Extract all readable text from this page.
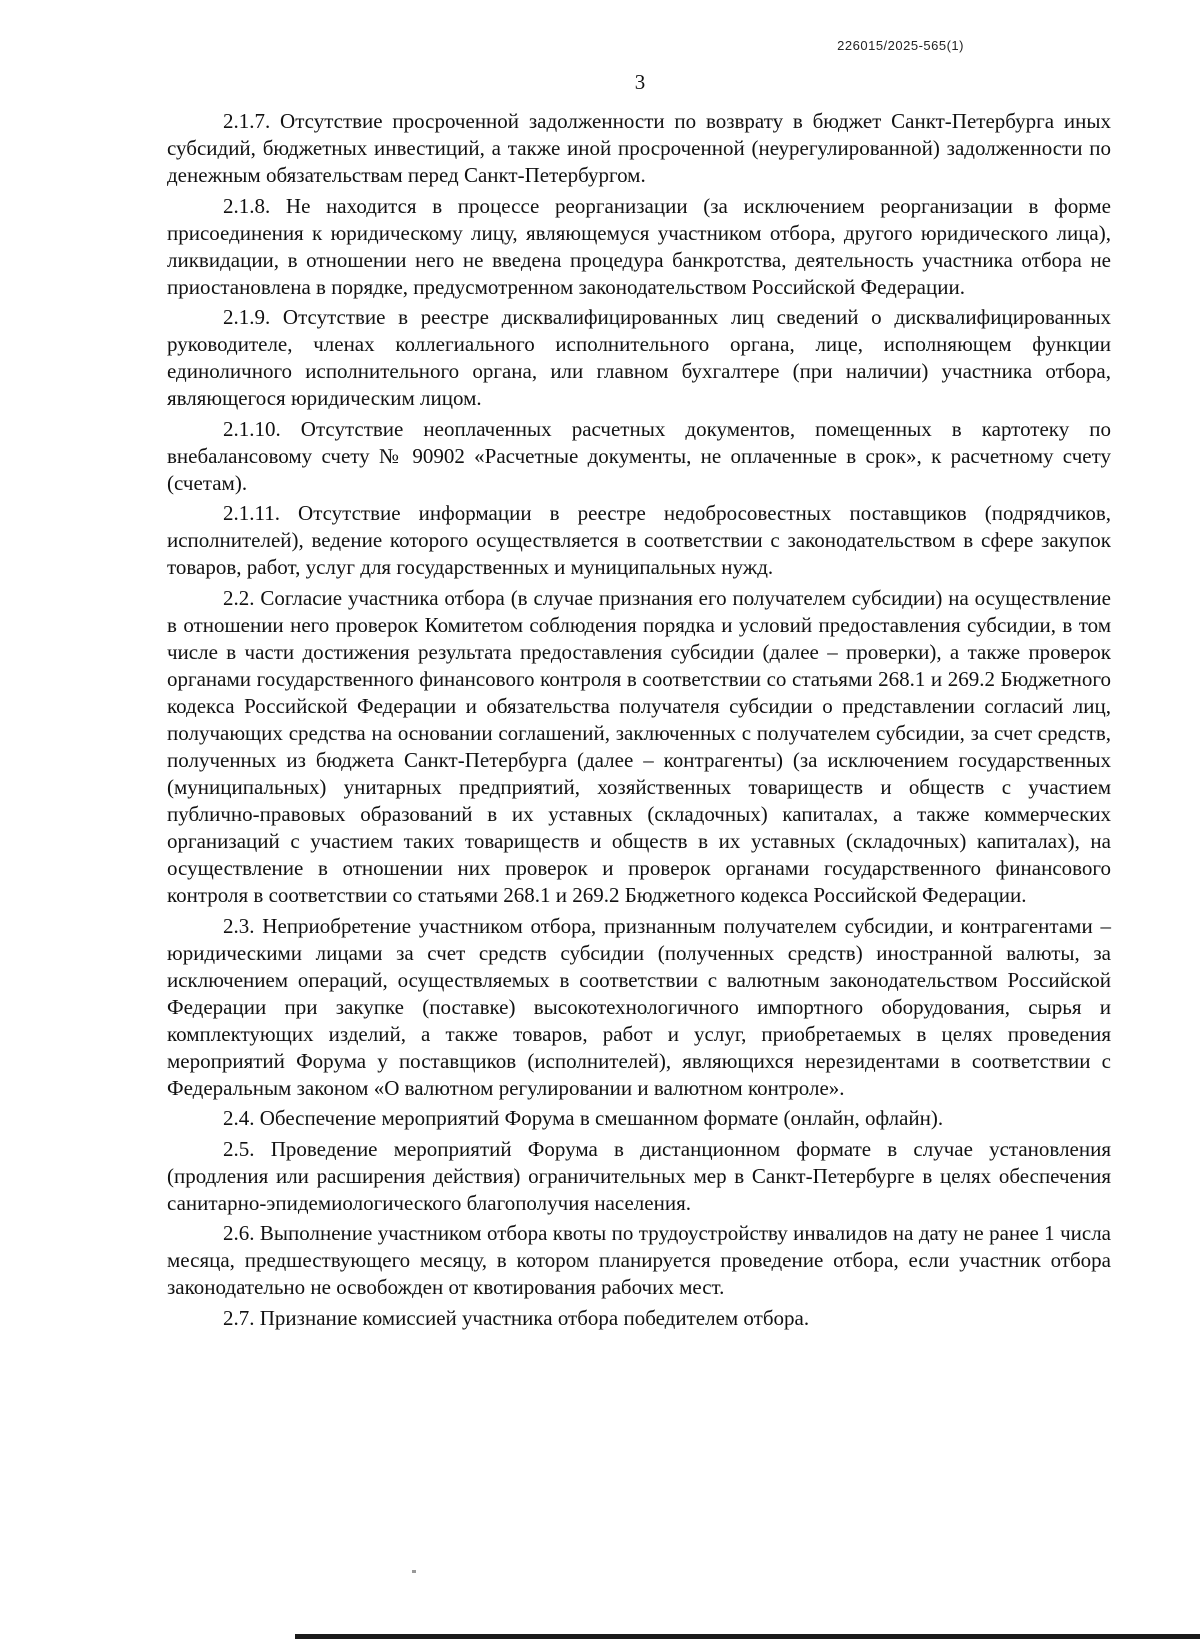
226015/2025-565(1)
3

2.1.7. Отсутствие просроченной задолженности по возврату в бюджет Санкт-Петербурга иных субсидий, бюджетных инвестиций, а также иной просроченной (неурегулированной) задолженности по денежным обязательствам перед Санкт-Петербургом.

2.1.8. Не находится в процессе реорганизации (за исключением реорганизации в форме присоединения к юридическому лицу, являющемуся участником отбора, другого юридического лица), ликвидации, в отношении него не введена процедура банкротства, деятельность участника отбора не приостановлена в порядке, предусмотренном законодательством Российской Федерации.

2.1.9. Отсутствие в реестре дисквалифицированных лиц сведений о дисквалифицированных руководителе, членах коллегиального исполнительного органа, лице, исполняющем функции единоличного исполнительного органа, или главном бухгалтере (при наличии) участника отбора, являющегося юридическим лицом.

2.1.10. Отсутствие неоплаченных расчетных документов, помещенных в картотеку по внебалансовому счету № 90902 «Расчетные документы, не оплаченные в срок», к расчетному счету (счетам).

2.1.11. Отсутствие информации в реестре недобросовестных поставщиков (подрядчиков, исполнителей), ведение которого осуществляется в соответствии с законодательством в сфере закупок товаров, работ, услуг для государственных и муниципальных нужд.

2.2. Согласие участника отбора (в случае признания его получателем субсидии) на осуществление в отношении него проверок Комитетом соблюдения порядка и условий предоставления субсидии, в том числе в части достижения результата предоставления субсидии (далее – проверки), а также проверок органами государственного финансового контроля в соответствии со статьями 268.1 и 269.2 Бюджетного кодекса Российской Федерации и обязательства получателя субсидии о представлении согласий лиц, получающих средства на основании соглашений, заключенных с получателем субсидии, за счет средств, полученных из бюджета Санкт-Петербурга (далее – контрагенты) (за исключением государственных (муниципальных) унитарных предприятий, хозяйственных товариществ и обществ с участием публично-правовых образований в их уставных (складочных) капиталах, а также коммерческих организаций с участием таких товариществ и обществ в их уставных (складочных) капиталах), на осуществление в отношении них проверок и проверок органами государственного финансового контроля в соответствии со статьями 268.1 и 269.2 Бюджетного кодекса Российской Федерации.

2.3. Неприобретение участником отбора, признанным получателем субсидии, и контрагентами – юридическими лицами за счет средств субсидии (полученных средств) иностранной валюты, за исключением операций, осуществляемых в соответствии с валютным законодательством Российской Федерации при закупке (поставке) высокотехнологичного импортного оборудования, сырья и комплектующих изделий, а также товаров, работ и услуг, приобретаемых в целях проведения мероприятий Форума у поставщиков (исполнителей), являющихся нерезидентами в соответствии с Федеральным законом «О валютном регулировании и валютном контроле».

2.4. Обеспечение мероприятий Форума в смешанном формате (онлайн, офлайн).

2.5. Проведение мероприятий Форума в дистанционном формате в случае установления (продления или расширения действия) ограничительных мер в Санкт-Петербурге в целях обеспечения санитарно-эпидемиологического благополучия населения.

2.6. Выполнение участником отбора квоты по трудоустройству инвалидов на дату не ранее 1 числа месяца, предшествующего месяцу, в котором планируется проведение отбора, если участник отбора законодательно не освобожден от квотирования рабочих мест.

2.7. Признание комиссией участника отбора победителем отбора.
